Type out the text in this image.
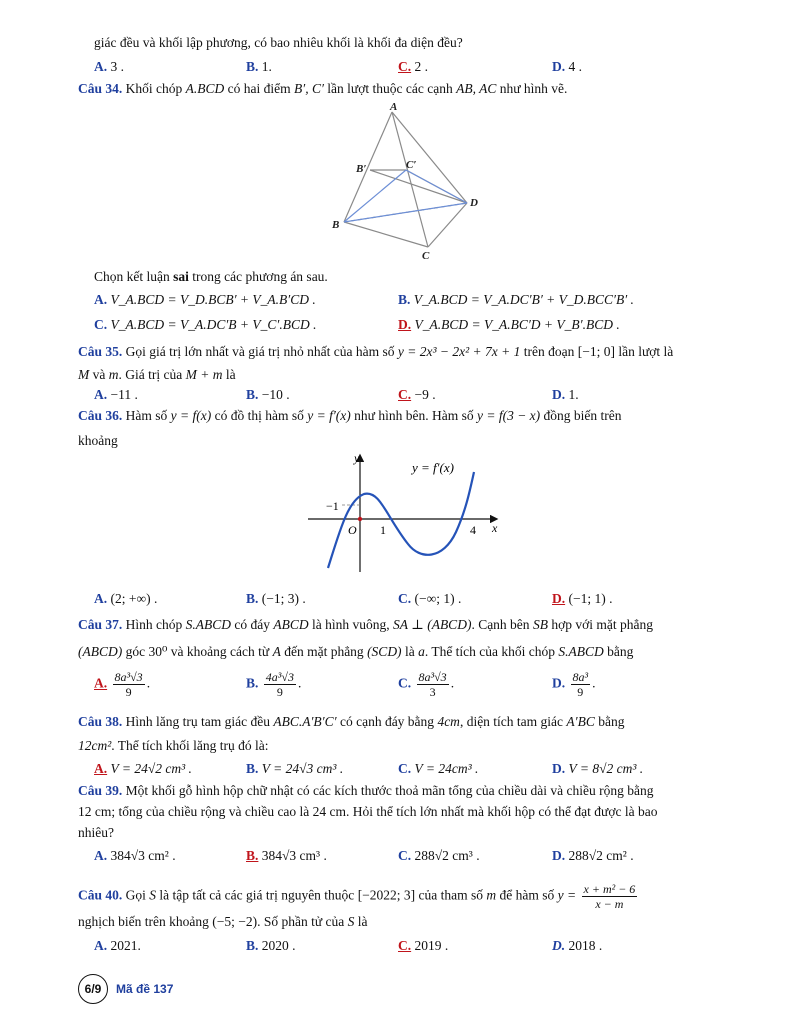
giác đều và khối lập phương, có bao nhiêu khối là khối đa diện đều?
A. 3 .	B. 1.	C. 2 .	D. 4 .
Câu 34. Khối chóp A.BCD có hai điểm B′, C′ lần lượt thuộc các cạnh AB, AC như hình vẽ.
A
B′	C′
B
C
D
Chọn kết luận sai trong các phương án sau.
A. V_A.BCD = V_D.BCB′ + V_A.B′CD .	B. V_A.BCD = V_A.DC′B′ + V_D.BCC′B′ .
C. V_A.BCD = V_A.DC′B + V_C′.BCD .	D. V_A.BCD = V_A.BC′D + V_B′.BCD .
Câu 35. Gọi giá trị lớn nhất và giá trị nhỏ nhất của hàm số y = 2x³ − 2x² + 7x + 1 trên đoạn [−1; 0] lần lượt là
M và m. Giá trị của M + m là
A. −11 .	B. −10 .	C. −9 .	D. 1.
Câu 36. Hàm số y = f(x) có đồ thị hàm số y = f′(x) như hình bên. Hàm số y = f(3 − x) đồng biến trên
khoảng
y
x
y = f′(x)
O
−1
1	4
A. (2; +∞) .	B. (−1; 3) .	C. (−∞; 1) .	D. (−1; 1) .
Câu 37. Hình chóp S.ABCD có đáy ABCD là hình vuông, SA ⊥ (ABCD). Cạnh bên SB hợp với mặt phẳng
(ABCD) góc 30⁰ và khoảng cách từ A đến mặt phẳng (SCD) là a. Thể tích của khối chóp S.ABCD bằng
A. $\frac{\text{8a³√3}}{9}$ .	B. $\frac{\text{4a³√3}}{9}$ .	C. $\frac{\text{8a³√3}}{3}$ .	D. $\frac{\text{8a³}}{9}$ .
Câu 38. Hình lăng trụ tam giác đều ABC.A′B′C′ có cạnh đáy bằng 4cm, diện tích tam giác A′BC bằng
12cm². Thể tích khối lăng trụ đó là:
A. V = 24√2 cm³ .	B. V = 24√3 cm³ .	C. V = 24cm³ .	D. V = 8√2 cm³ .
Câu 39. Một khối gỗ hình hộp chữ nhật có các kích thước thoả mãn tổng của chiều dài và chiều rộng bằng
12 cm; tổng của chiều rộng và chiều cao là 24 cm. Hỏi thể tích lớn nhất mà khối hộp có thể đạt được là bao
nhiêu?
A. 384√3 cm² .	B. 384√3 cm³ .	C. 288√2 cm³ .	D. 288√2 cm² .
Câu 40. Gọi S là tập tất cả các giá trị nguyên thuộc [−2022; 3] của tham số m để hàm số $y = \frac{\text{x + m² − 6}}{x - m}$
nghịch biến trên khoảng (−5; −2). Số phần tử của S là
A. 2021.	B. 2020 .	C. 2019 .	D. 2018 .
6/9	Mã đề 137
